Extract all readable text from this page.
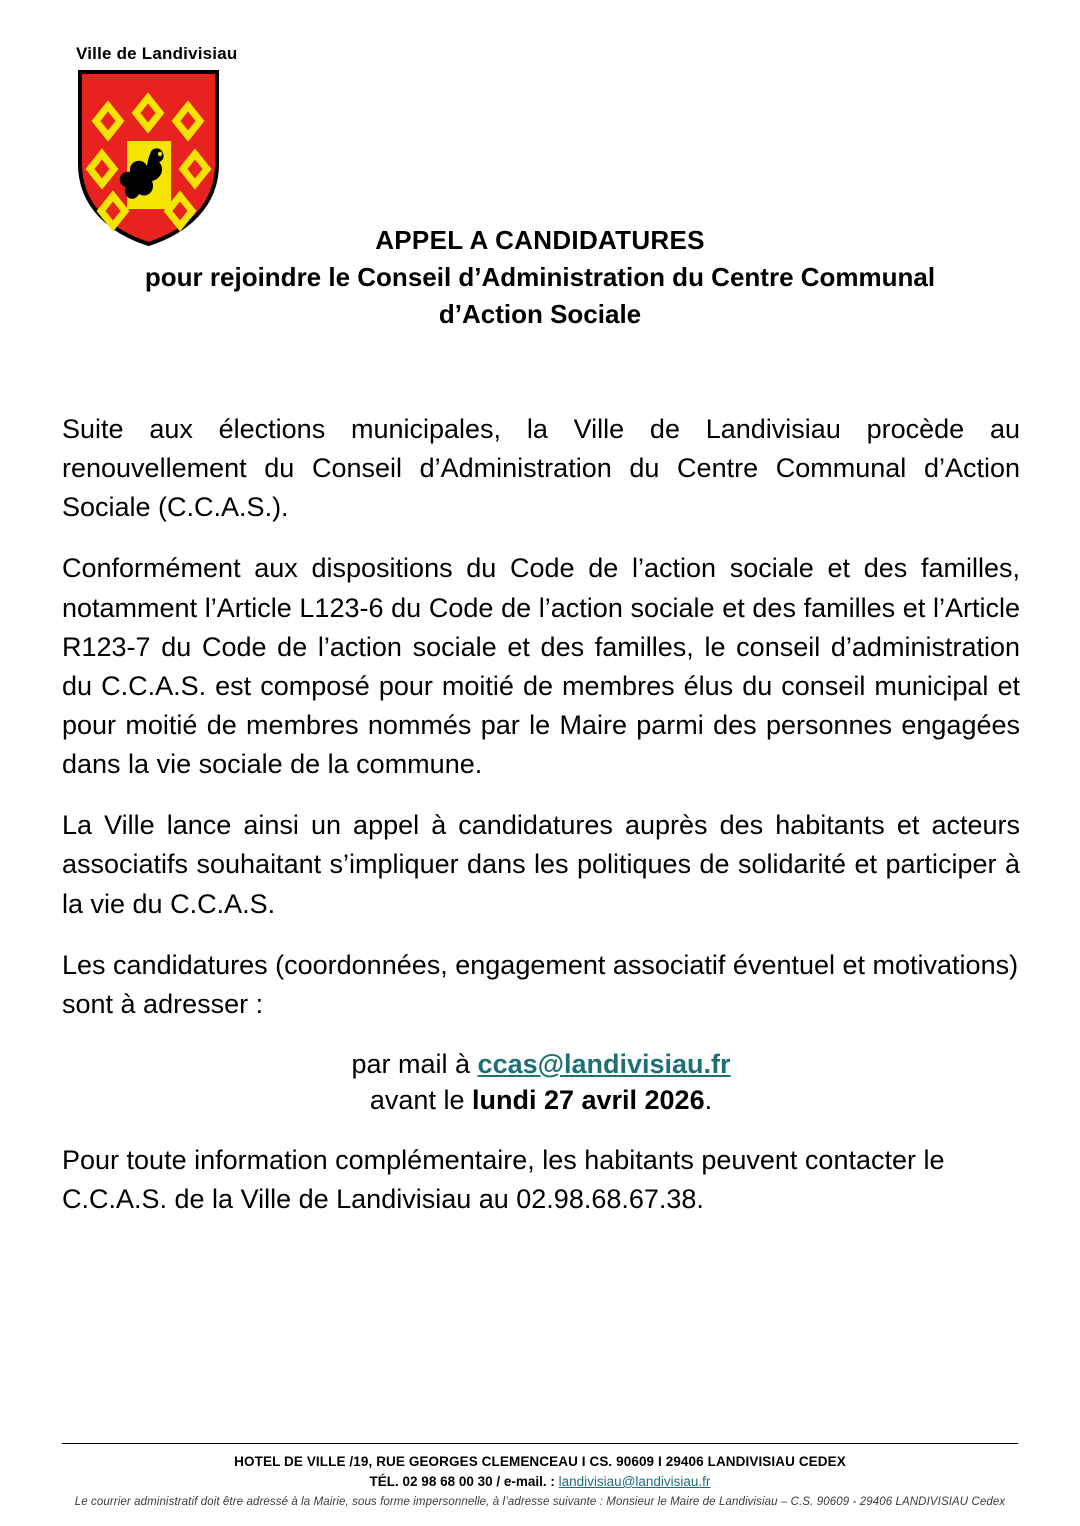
Ville de Landivisiau
APPEL A CANDIDATURES
pour rejoindre le Conseil d’Administration du Centre Communal
d’Action Sociale

Suite aux élections municipales, la Ville de Landivisiau procède au renouvellement du Conseil d’Administration du Centre Communal d’Action Sociale (C.C.A.S.).

Conformément aux dispositions du Code de l’action sociale et des familles, notamment l’Article L123-6 du Code de l’action sociale et des familles et l’Article R123-7 du Code de l’action sociale et des familles, le conseil d’administration du C.C.A.S. est composé pour moitié de membres élus du conseil municipal et pour moitié de membres nommés par le Maire parmi des personnes engagées dans la vie sociale de la commune.

La Ville lance ainsi un appel à candidatures auprès des habitants et acteurs associatifs souhaitant s’impliquer dans les politiques de solidarité et participer à la vie du C.C.A.S.

Les candidatures (coordonnées, engagement associatif éventuel et motivations) sont à adresser :

par mail à ccas@landivisiau.fr
avant le lundi 27 avril 2026.

Pour toute information complémentaire, les habitants peuvent contacter le C.C.A.S. de la Ville de Landivisiau au 02.98.68.67.38.

HOTEL DE VILLE /19, RUE GEORGES CLEMENCEAU I CS. 90609 I 29406 LANDIVISIAU CEDEX
TÉL. 02 98 68 00 30 / e-mail. : landivisiau@landivisiau.fr
Le courrier administratif doit être adressé à la Mairie, sous forme impersonnelle, à l’adresse suivante : Monsieur le Maire de Landivisiau – C.S. 90609 - 29406 LANDIVISIAU Cedex
